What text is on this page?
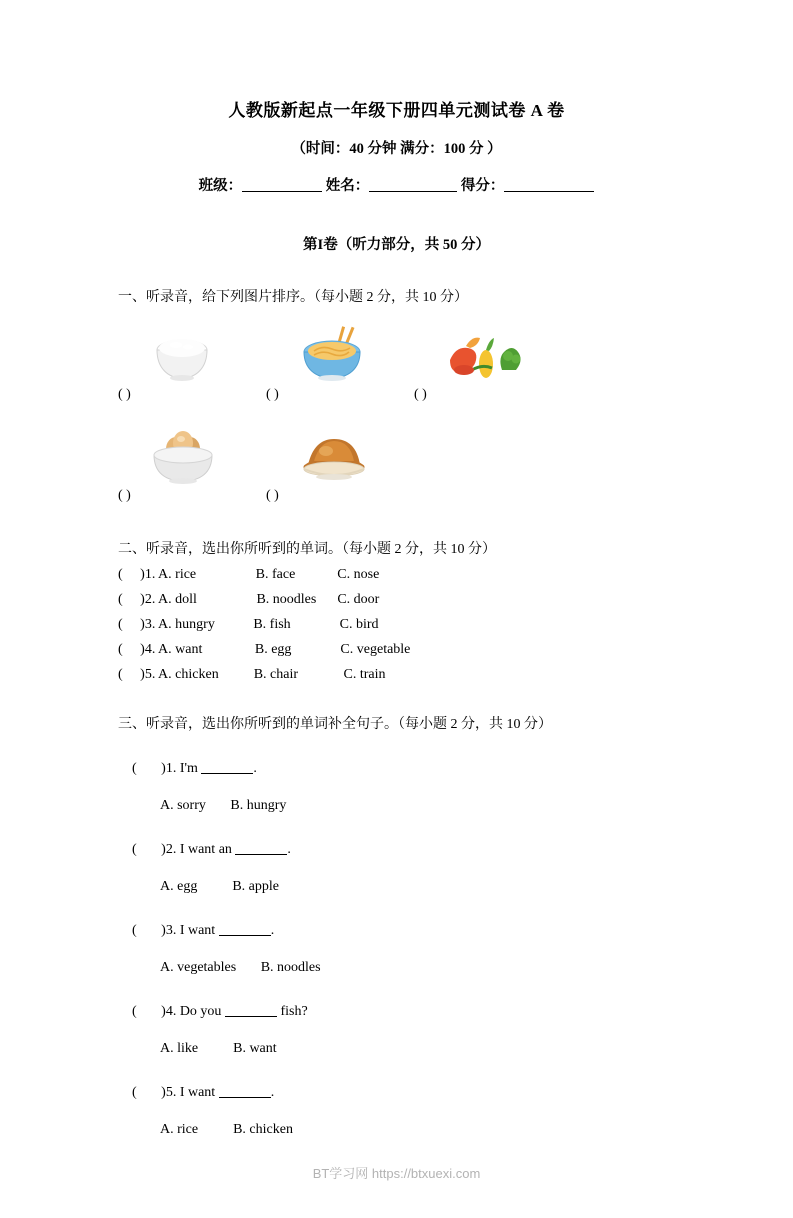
人教版新起点一年级下册四单元测试卷 A 卷
（时间：40 分钟 满分：100 分 ）
班级：	姓名：	得分：
第I卷（听力部分，共 50 分）
一、听录音，给下列图片排序。（每小题 2 分，共 10 分）
( )	( )	( )
( )	( )
二、听录音，选出你所听到的单词。（每小题 2 分，共 10 分）
(     )1. A. rice                 B. face            C. nose
(     )2. A. doll                 B. noodles      C. door
(     )3. A. hungry           B. fish              C. bird
(     )4. A. want               B. egg              C. vegetable
(     )5. A. chicken          B. chair             C. train
三、听录音，选出你所听到的单词补全句子。（每小题 2 分，共 10 分）

(       )1. I'm	.

A. sorry       B. hungry

(       )2. I want an	.

A. egg          B. apple

(       )3. I want	.

A. vegetables       B. noodles

(       )4. Do you	fish?

A. like          B. want

(       )5. I want	.

A. rice          B. chicken
BT学习网 https://btxuexi.com
